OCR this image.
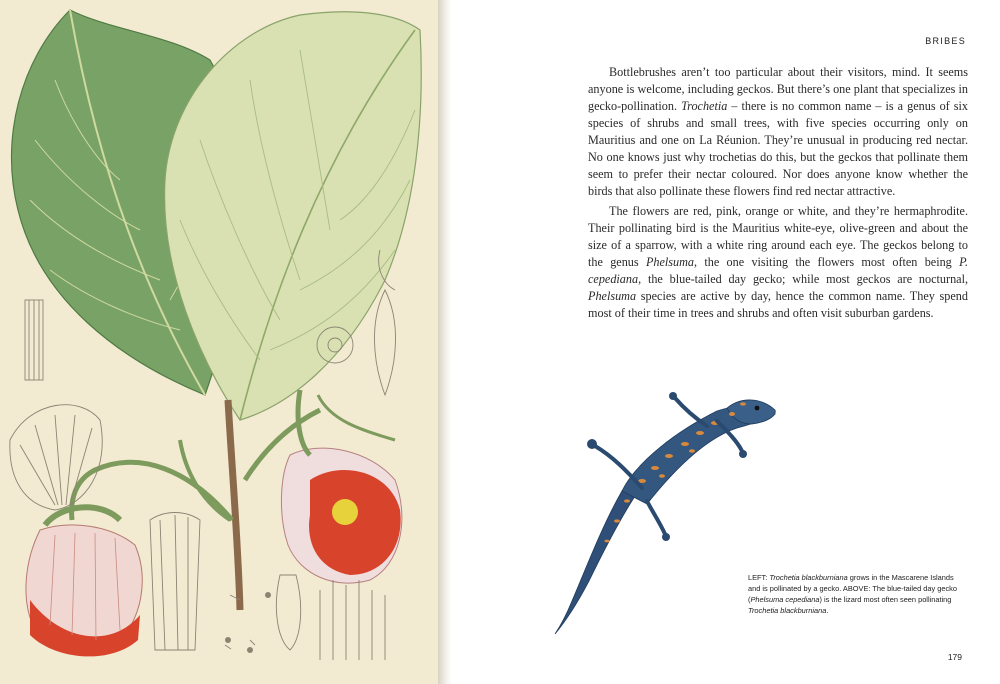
BRIBES

Bottlebrushes aren’t too particular about their visitors, mind. It seems anyone is welcome, including geckos. But there’s one plant that specializes in gecko-pollination. Trochetia – there is no common name – is a genus of six species of shrubs and small trees, with five species occurring only on Mauritius and one on La Réunion. They’re unusual in producing red nectar. No one knows just why trochetias do this, but the geckos that pollinate them seem to prefer their nectar coloured. Nor does anyone know whether the birds that also pollinate these flowers find red nectar attractive.

The flowers are red, pink, orange or white, and they’re hermaphrodite. Their pollinating bird is the Mauritius white-eye, olive-green and about the size of a sparrow, with a white ring around each eye. The geckos belong to the genus Phelsuma, the one visiting the flowers most often being P. cepediana, the blue-tailed day gecko; while most geckos are nocturnal, Phelsuma species are active by day, hence the common name. They spend most of their time in trees and shrubs and often visit suburban gardens.

LEFT: Trochetia blackburniana grows in the Mascarene Islands and is pollinated by a gecko. ABOVE: The blue-tailed day gecko (Phelsuma cepediana) is the lizard most often seen pollinating Trochetia blackburniana.

179
